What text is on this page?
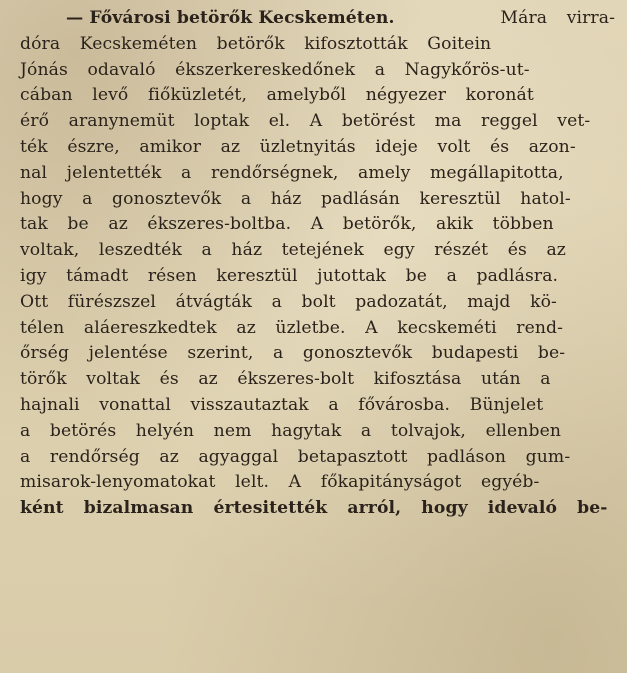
— Fővárosi betörők Kecskeméten.	Mára virra-
dóra Kecskeméten betörők kifosztották Goitein
Jónás odavaló ékszerkereskedőnek a Nagykőrös-ut-
cában levő fiőküzletét, amelyből négyezer koronát
érő aranynemüt loptak el. A betörést ma reggel vet-
ték észre, amikor az üzletnyitás ideje volt és azon-
nal jelentették a rendőrségnek, amely megállapitotta,
hogy a gonosztevők a ház padlásán keresztül hatol-
tak be az ékszeres-boltba. A betörők, akik többen
voltak, leszedték a ház tetejének egy részét és az
igy támadt résen keresztül jutottak be a padlásra.
Ott fürészszel átvágták a bolt padozatát, majd kö-
télen aláereszkedtek az üzletbe. A kecskeméti rend-
őrség jelentése szerint, a gonosztevők budapesti be-
törők voltak és az ékszeres-bolt kifosztása után a
hajnali vonattal visszautaztak a fővárosba. Bünjelet
a betörés helyén nem hagytak a tolvajok, ellenben
a rendőrség az agyaggal betapasztott padláson gum-
misarok-lenyomatokat lelt. A főkapitányságot egyéb-
ként bizalmasan értesitették arról, hogy idevaló be-
